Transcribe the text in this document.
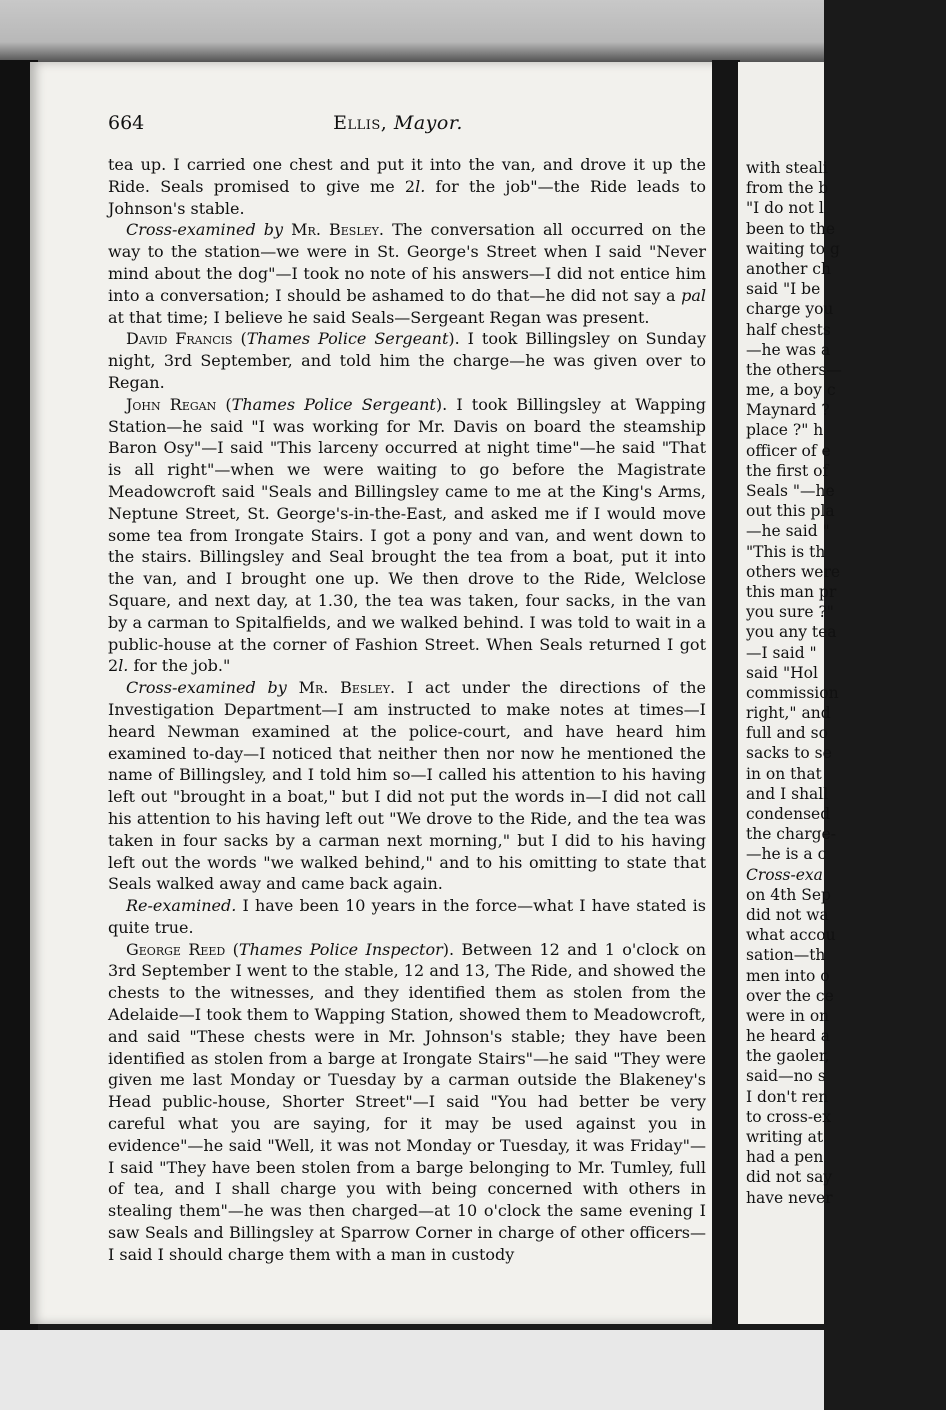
664	Ellis, Mayor.

tea up. I carried one chest and put it into the van, and drove it up the Ride. Seals promised to give me 2l. for the job"—the Ride leads to Johnson's stable.

Cross-examined by Mr. Besley. The conversation all occurred on the way to the station—we were in St. George's Street when I said "Never mind about the dog"—I took no note of his answers—I did not entice him into a conversation; I should be ashamed to do that—he did not say a pal at that time; I believe he said Seals—Sergeant Regan was present.

David Francis (Thames Police Sergeant). I took Billingsley on Sunday night, 3rd September, and told him the charge—he was given over to Regan.

John Regan (Thames Police Sergeant). I took Billingsley at Wapping Station—he said "I was working for Mr. Davis on board the steamship Baron Osy"—I said "This larceny occurred at night time"—he said "That is all right"—when we were waiting to go before the Magistrate Meadowcroft said "Seals and Billingsley came to me at the King's Arms, Neptune Street, St. George's-in-the-East, and asked me if I would move some tea from Irongate Stairs. I got a pony and van, and went down to the stairs. Billingsley and Seal brought the tea from a boat, put it into the van, and I brought one up. We then drove to the Ride, Welclose Square, and next day, at 1.30, the tea was taken, four sacks, in the van by a carman to Spitalfields, and we walked behind. I was told to wait in a public-house at the corner of Fashion Street. When Seals returned I got 2l. for the job."

Cross-examined by Mr. Besley. I act under the directions of the Investigation Department—I am instructed to make notes at times—I heard Newman examined at the police-court, and have heard him examined to-day—I noticed that neither then nor now he mentioned the name of Billingsley, and I told him so—I called his attention to his having left out "brought in a boat," but I did not put the words in—I did not call his attention to his having left out "We drove to the Ride, and the tea was taken in four sacks by a carman next morning," but I did to his having left out the words "we walked behind," and to his omitting to state that Seals walked away and came back again.

Re-examined. I have been 10 years in the force—what I have stated is quite true.

George Reed (Thames Police Inspector). Between 12 and 1 o'clock on 3rd September I went to the stable, 12 and 13, The Ride, and showed the chests to the witnesses, and they identified them as stolen from the Adelaide—I took them to Wapping Station, showed them to Meadowcroft, and said "These chests were in Mr. Johnson's stable; they have been identified as stolen from a barge at Irongate Stairs"—he said "They were given me last Monday or Tuesday by a carman outside the Blakeney's Head public-house, Shorter Street"—I said "You had better be very careful what you are saying, for it may be used against you in evidence"—he said "Well, it was not Monday or Tuesday, it was Friday"—I said "They have been stolen from a barge belonging to Mr. Tumley, full of tea, and I shall charge you with being concerned with others in stealing them"—he was then charged—at 10 o'clock the same evening I saw Seals and Billingsley at Sparrow Corner in charge of other officers—I said I should charge them with a man in custody

with steali
from the b
"I do not l
been to the
waiting to g
another ch
said "I be
charge you
half chests
—he was a
the others—
me, a boy c
Maynard ?
place ?" h
officer of e
the first of
Seals "—he
out this pla
—he said "
"This is th
others were
this man pr
you sure ?"
you any tea
—I said "
said "Hol
commission
right," and
full and so
sacks to se
in on that
and I shall
condensed
the charge-
—he is a c
Cross-exa
on 4th Sep
did not wa
what accou
sation—th
men into o
over the ce
were in on
he heard a
the gaoler,
said—no s
I don't ren
to cross-ex
writing at
had a pen
did not say
have never
